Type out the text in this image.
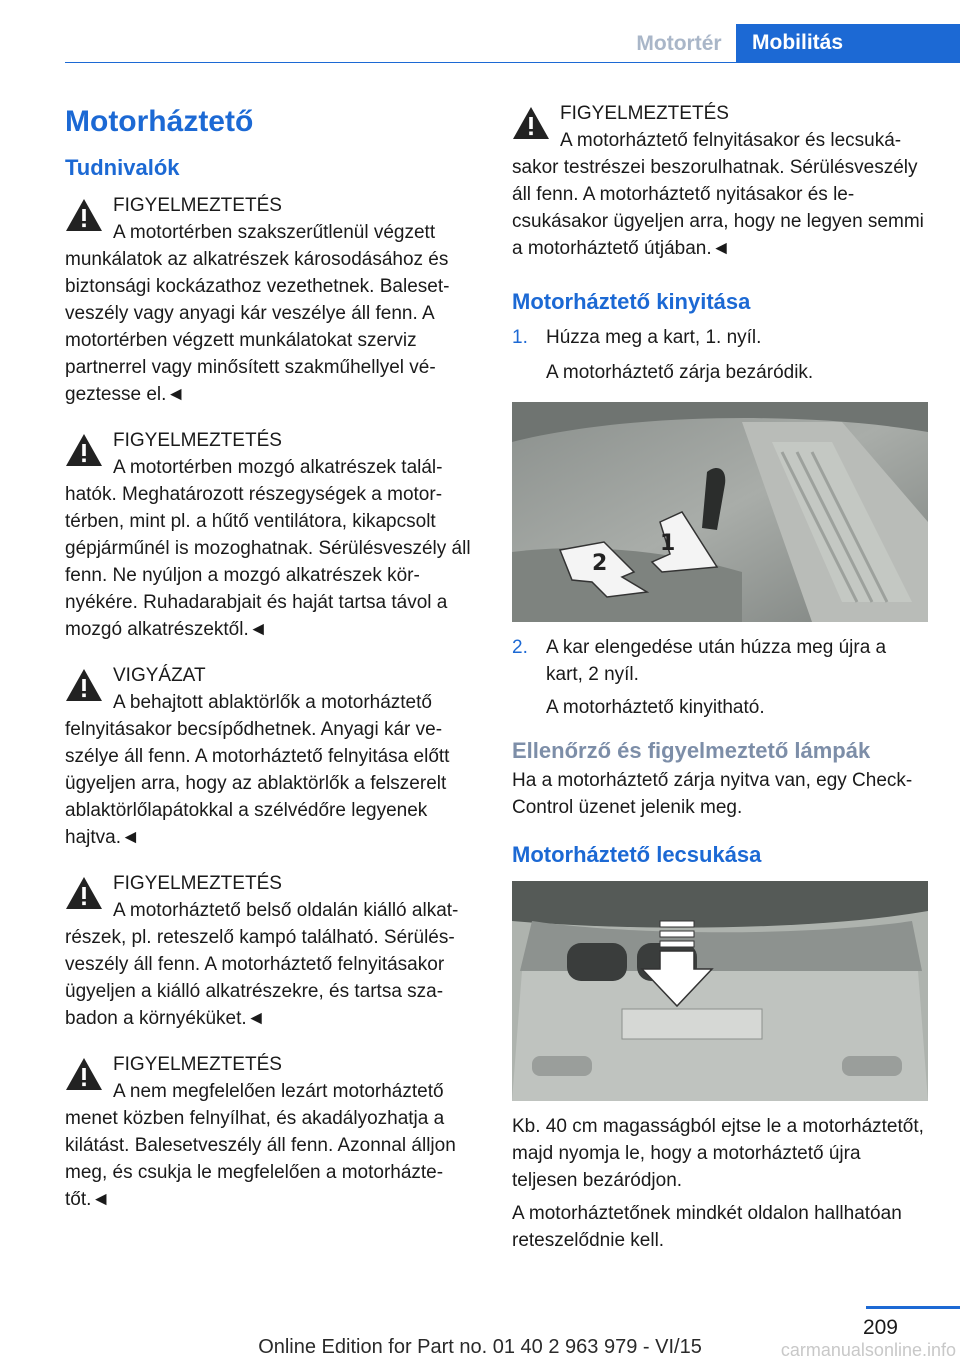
Motortér	Mobilitás
Motorháztető
Tudnivalók
FIGYELMEZTETÉS
A motortérben szakszerűtlenül végzett munkálatok az alkatrészek károsodásához és biztonsági kockázathoz vezethetnek. Balesetveszély vagy anyagi kár veszélye áll fenn. A motortérben végzett munkálatokat szerviz partnerrel vagy minősített szakműhellyel végeztesse el.◄
FIGYELMEZTETÉS
A motortérben mozgó alkatrészek találhatók. Meghatározott részegységek a motortérben, mint pl. a hűtő ventilátora, kikapcsolt gépjárműnél is mozoghatnak. Sérülésveszély áll fenn. Ne nyúljon a mozgó alkatrészek környékére. Ruhadarabjait és haját tartsa távol a mozgó alkatrészektől.◄
VIGYÁZAT
A behajtott ablaktörlők a motorháztető felnyitásakor becsípődhetnek. Anyagi kár veszélye áll fenn. A motorháztető felnyitása előtt ügyeljen arra, hogy az ablaktörlők a felszerelt ablaktörlőlapátokkal a szélvédőre legyenek hajtva.◄
FIGYELMEZTETÉS
A motorháztető belső oldalán kiálló alkatrészek, pl. reteszelő kampó található. Sérülésveszély áll fenn. A motorháztető felnyitásakor ügyeljen a kiálló alkatrészekre, és tartsa szabadon a környéküket.◄
FIGYELMEZTETÉS
A nem megfelelően lezárt motorháztető menet közben felnyílhat, és akadályozhatja a kilátást. Balesetveszély áll fenn. Azonnal álljon meg, és csukja le megfelelően a motorháztetőt.◄
FIGYELMEZTETÉS
A motorháztető felnyitásakor és lecsukásakor testrészei beszorulhatnak. Sérülésveszély áll fenn. A motorháztető nyitásakor és lecsukásakor ügyeljen arra, hogy ne legyen semmi a motorháztető útjában.◄
Motorháztető kinyitása
1. Húzza meg a kart, 1. nyíl.
A motorháztető zárja bezáródik.
1
2
2. A kar elengedése után húzza meg újra a kart, 2 nyíl.
A motorháztető kinyitható.
Ellenőrző és figyelmeztető lámpák

Ha a motorháztető zárja nyitva van, egy Check-Control üzenet jelenik meg.

Motorháztető lecsukása

Kb. 40 cm magasságból ejtse le a motorháztetőt, majd nyomja le, hogy a motorháztető újra teljesen bezáródjon.

A motorháztetőnek mindkét oldalon hallhatóan reteszelődnie kell.

209
Online Edition for Part no. 01 40 2 963 979 - VI/15	carmanualsonline.info
